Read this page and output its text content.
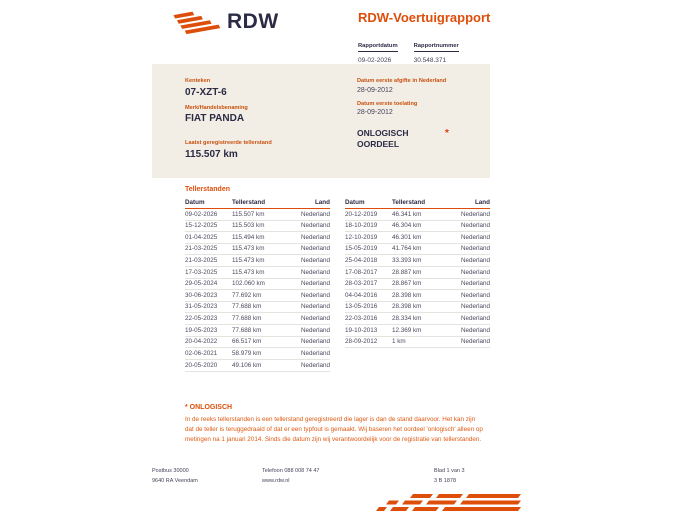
RDW	RDW-Voertuigrapport
Rapportdatum
09-02-2026
Rapportnummer
30.548.371
Kenteken
07-XZT-6
Merk/Handelsbenaming
FIAT PANDA
Laatst geregistreerde tellerstand
115.507 km
Datum eerste afgifte in Nederland
28-09-2012
Datum eerste toelating
28-09-2012
ONLOGISCH OORDEEL
*
Tellerstanden
Datum	Tellerstand	Land
09-02-2026	115.507 km	Nederland
15-12-2025	115.503 km	Nederland
01-04-2025	115.494 km	Nederland
21-03-2025	115.473 km	Nederland
21-03-2025	115.473 km	Nederland
17-03-2025	115.473 km	Nederland
29-05-2024	102.060 km	Nederland
30-06-2023	77.692 km	Nederland
31-05-2023	77.688 km	Nederland
22-05-2023	77.688 km	Nederland
19-05-2023	77.688 km	Nederland
20-04-2022	66.517 km	Nederland
02-06-2021	58.979 km	Nederland
20-05-2020	49.106 km	Nederland
Datum	Tellerstand	Land
20-12-2019	46.341 km	Nederland
18-10-2019	46.304 km	Nederland
12-10-2019	46.301 km	Nederland
15-05-2019	41.764 km	Nederland
25-04-2018	33.393 km	Nederland
17-08-2017	28.887 km	Nederland
28-03-2017	28.867 km	Nederland
04-04-2016	28.398 km	Nederland
13-05-2016	28.398 km	Nederland
22-03-2016	28.334 km	Nederland
19-10-2013	12.369 km	Nederland
28-09-2012	1 km	Nederland
* ONLOGISCH
In de reeks tellerstanden is een tellerstand geregistreerd die lager is dan de stand daarvoor. Het kan zijn dat de teller is teruggedraaid of dat er een typfout is gemaakt. Wij baseren het oordeel 'onlogisch' alleen op metingen na 1 januari 2014. Sinds die datum zijn wij verantwoordelijk voor de registratie van tellerstanden.
Postbus 30000
9640 RA Veendam
Telefoon 088 008 74 47
www.rdw.nl
Blad 1 van 3
3 B 1878
